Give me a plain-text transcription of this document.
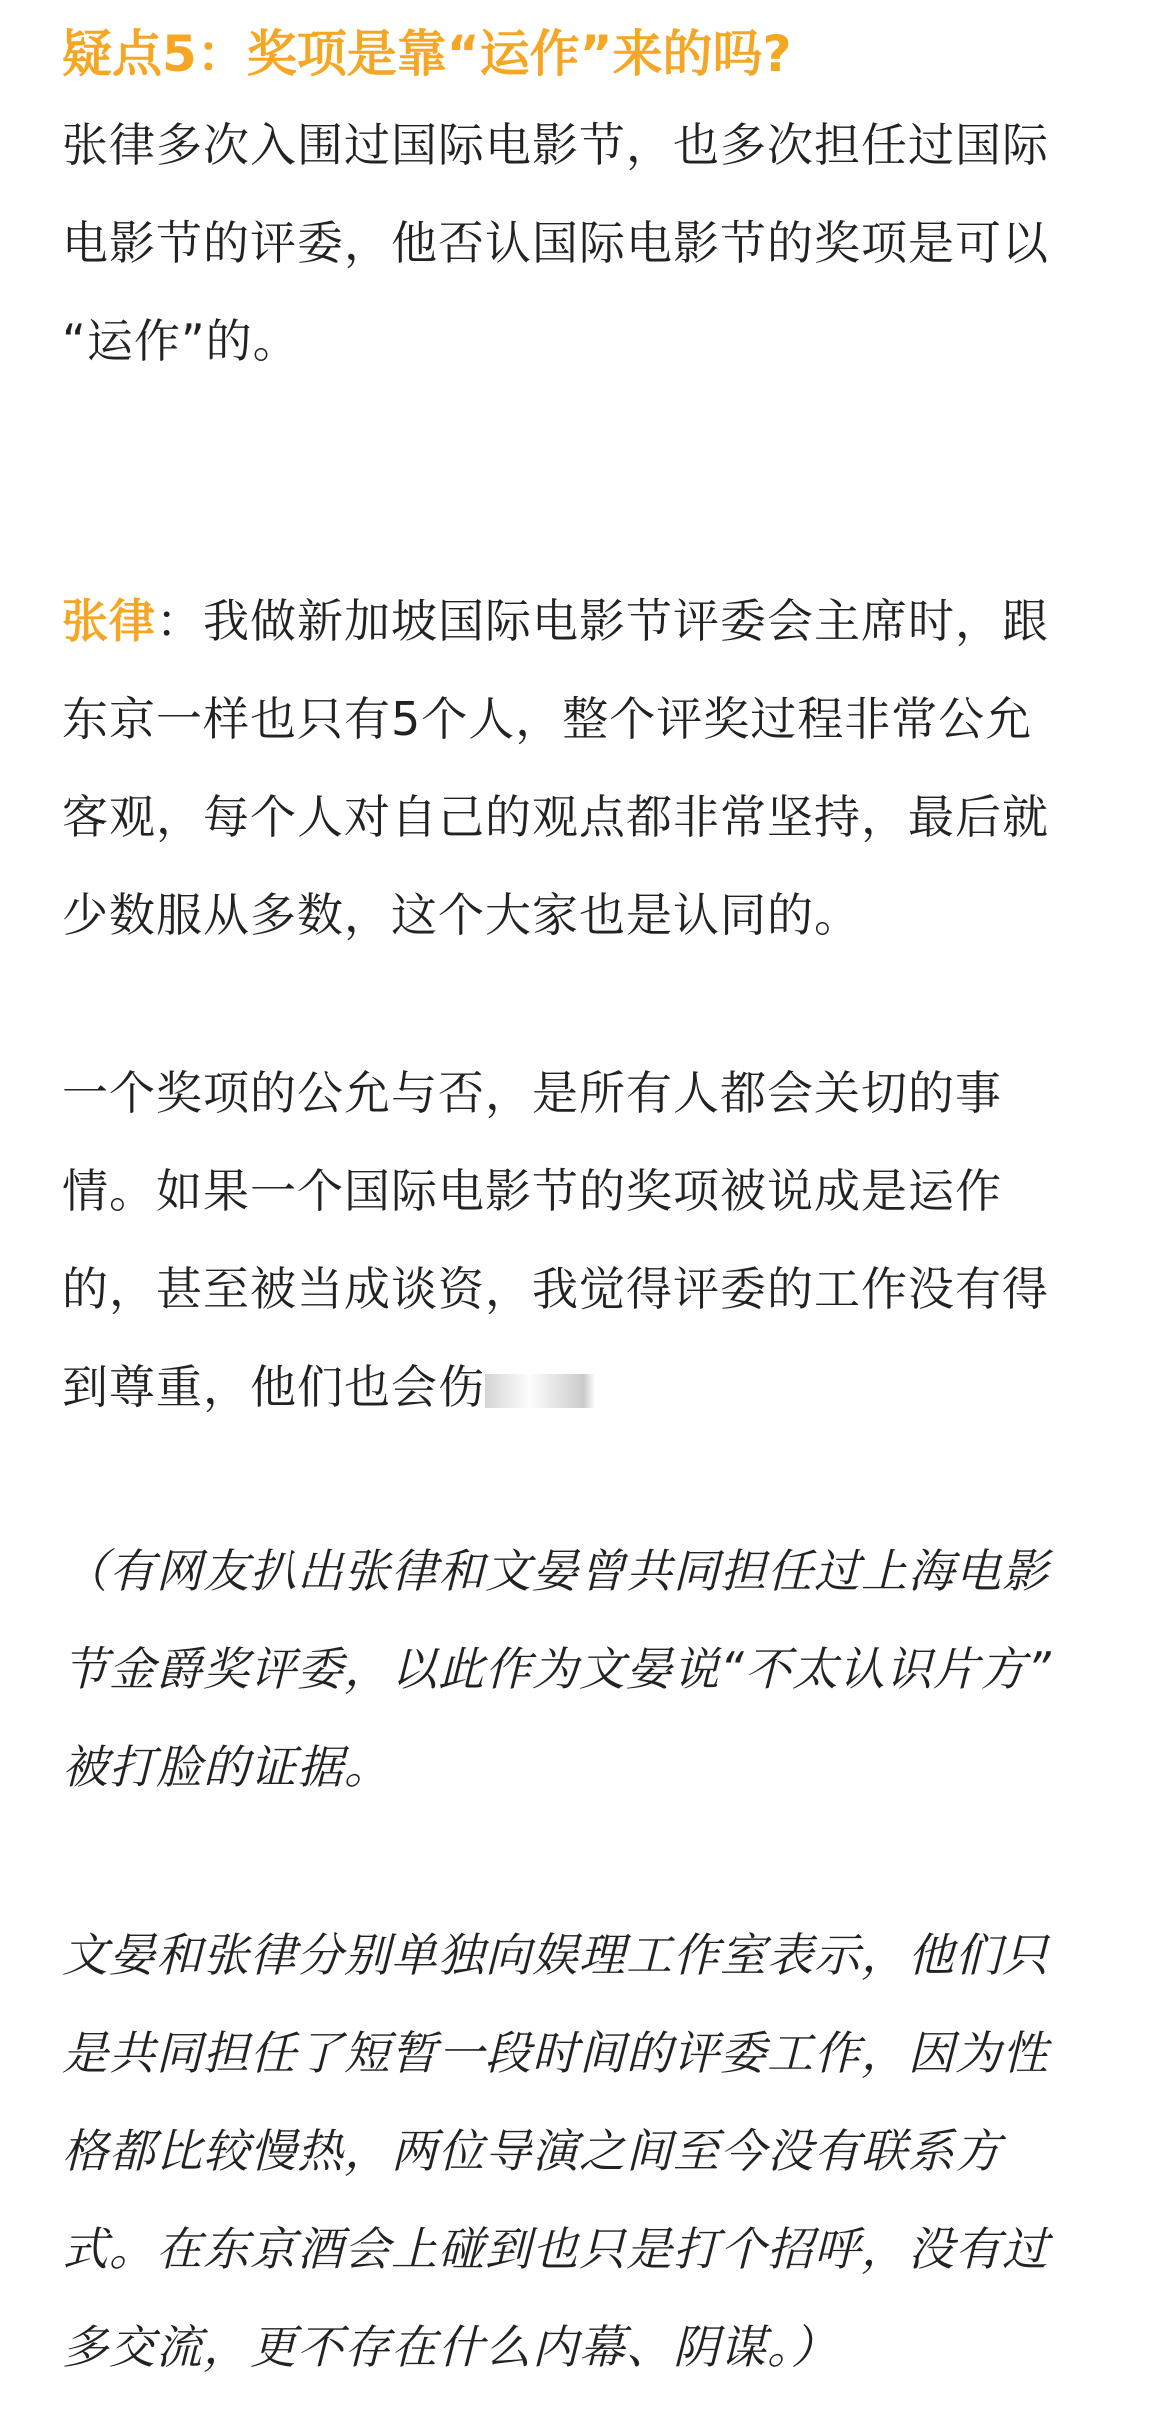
疑点5：奖项是靠“运作”来的吗?
张律多次入围过国际电影节，也多次担任过国际
电影节的评委，他否认国际电影节的奖项是可以
“运作”的。
张律：我做新加坡国际电影节评委会主席时，跟
东京一样也只有5个人，整个评奖过程非常公允
客观，每个人对自己的观点都非常坚持，最后就
少数服从多数，这个大家也是认同的。
一个奖项的公允与否，是所有人都会关切的事
情。如果一个国际电影节的奖项被说成是运作
的，甚至被当成谈资，我觉得评委的工作没有得
到尊重，他们也会伤
（有网友扒出张律和文晏曾共同担任过上海电影
节金爵奖评委，以此作为文晏说“不太认识片方”
被打脸的证据。
文晏和张律分别单独向娱理工作室表示，他们只
是共同担任了短暂一段时间的评委工作，因为性
格都比较慢热，两位导演之间至今没有联系方
式。在东京酒会上碰到也只是打个招呼，没有过
多交流，更不存在什么内幕、阴谋。）
